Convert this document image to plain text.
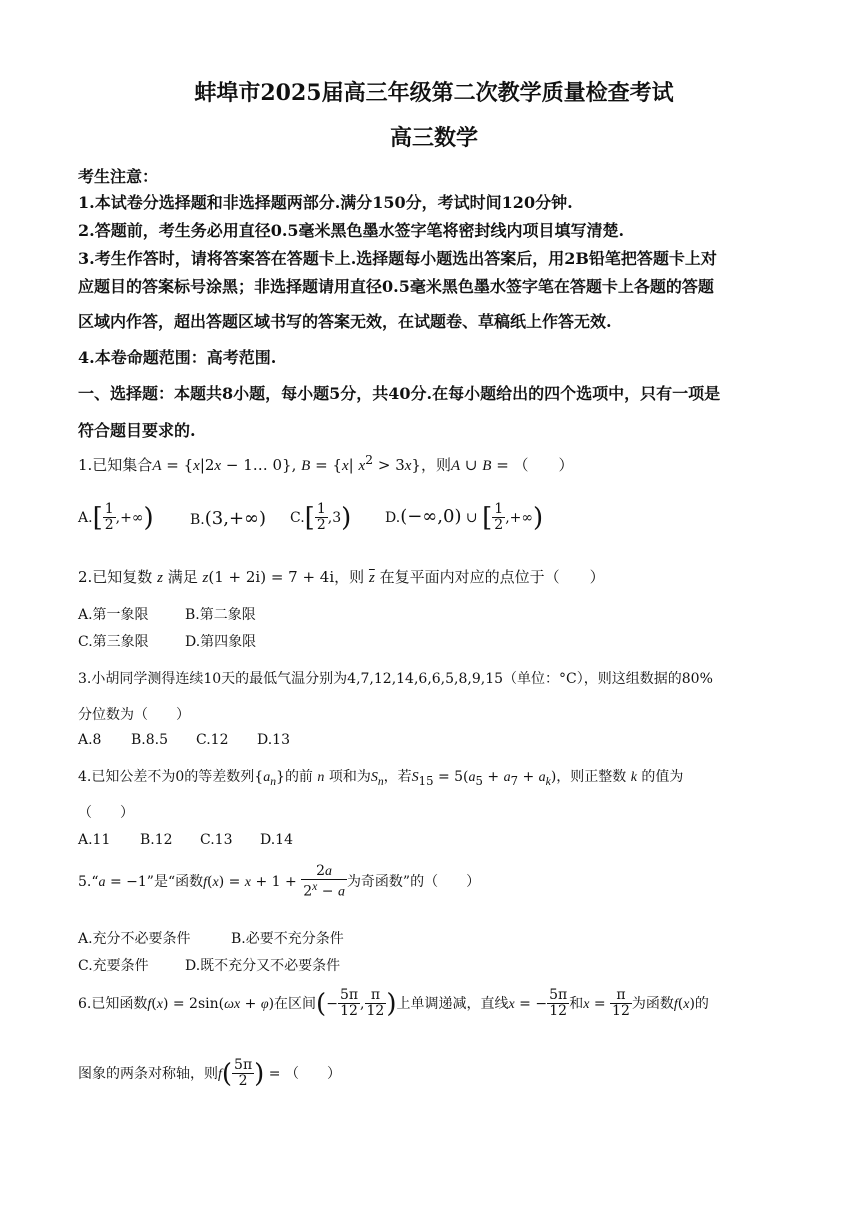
蚌埠市2025届高三年级第二次教学质量检查考试
高三数学
考生注意：
1.本试卷分选择题和非选择题两部分.满分150分，考试时间120分钟.
2.答题前，考生务必用直径0.5毫米黑色墨水签字笔将密封线内项目填写清楚.
3.考生作答时，请将答案答在答题卡上.选择题每小题选出答案后，用2B铅笔把答题卡上对
应题目的答案标号涂黑；非选择题请用直径0.5毫米黑色墨水签字笔在答题卡上各题的答题
区域内作答，超出答题区域书写的答案无效，在试题卷、草稿纸上作答无效.
4.本卷命题范围：高考范围.
一、选择题：本题共8小题，每小题5分，共40分.在每小题给出的四个选项中，只有一项是
符合题目要求的.
1.已知集合A = {x|2x − 1… 0}, B = {x| $x^2 > 3x$}，则A ∪ B = （　　）
$A.[ \frac{1}{2}$ ,+∞)	B.(3,+∞) $C.[ \frac{1}{2} ,3)$ D.(−∞,0) ∪ [ $\frac{1}{2}$ ,+∞)
2.已知复数 z 满足 z(1 + 2i) = 7 + 4i，则 $\overline{z}$ 在复平面内对应的点位于（　　）
A.第一象限	B.第二象限
C.第三象限	D.第四象限
3.小胡同学测得连续10天的最低气温分别为4,7,12,14,6,6,5,8,9,15（单位：°C），则这组数据的80%
分位数为（　　）
A.8 B.8.5 C.12 D.13
4.已知公差不为0的等差数列$\{a_n\}$的前 n 项和为$S_n$，若$S_{15} = 5(a_5 + a_7 + a_k)$，则正整数 k 的值为
（　　）
A.11 B.12 C.13 D.14
5.“a = −1”是“函数$f(x) = x + 1 + \frac{2a}{2^x - a}$ 为奇函数”的（　　）
A.充分不必要条件	B.必要不充分条件
C.充要条件	D.既不充分又不必要条件
6.已知函数f(x) = 2sin(ωx + φ)在区间(− $\frac{5\pi}{12}$ , $\frac{\pi}{12}$ )上单调递减，直线x = − $\frac{5\pi}{12}$ 和$x = \frac{\pi}{12}$ 为函数f(x)的
图象的两条对称轴，则$f( \frac{5\pi}{2}$ ) = （　　）
